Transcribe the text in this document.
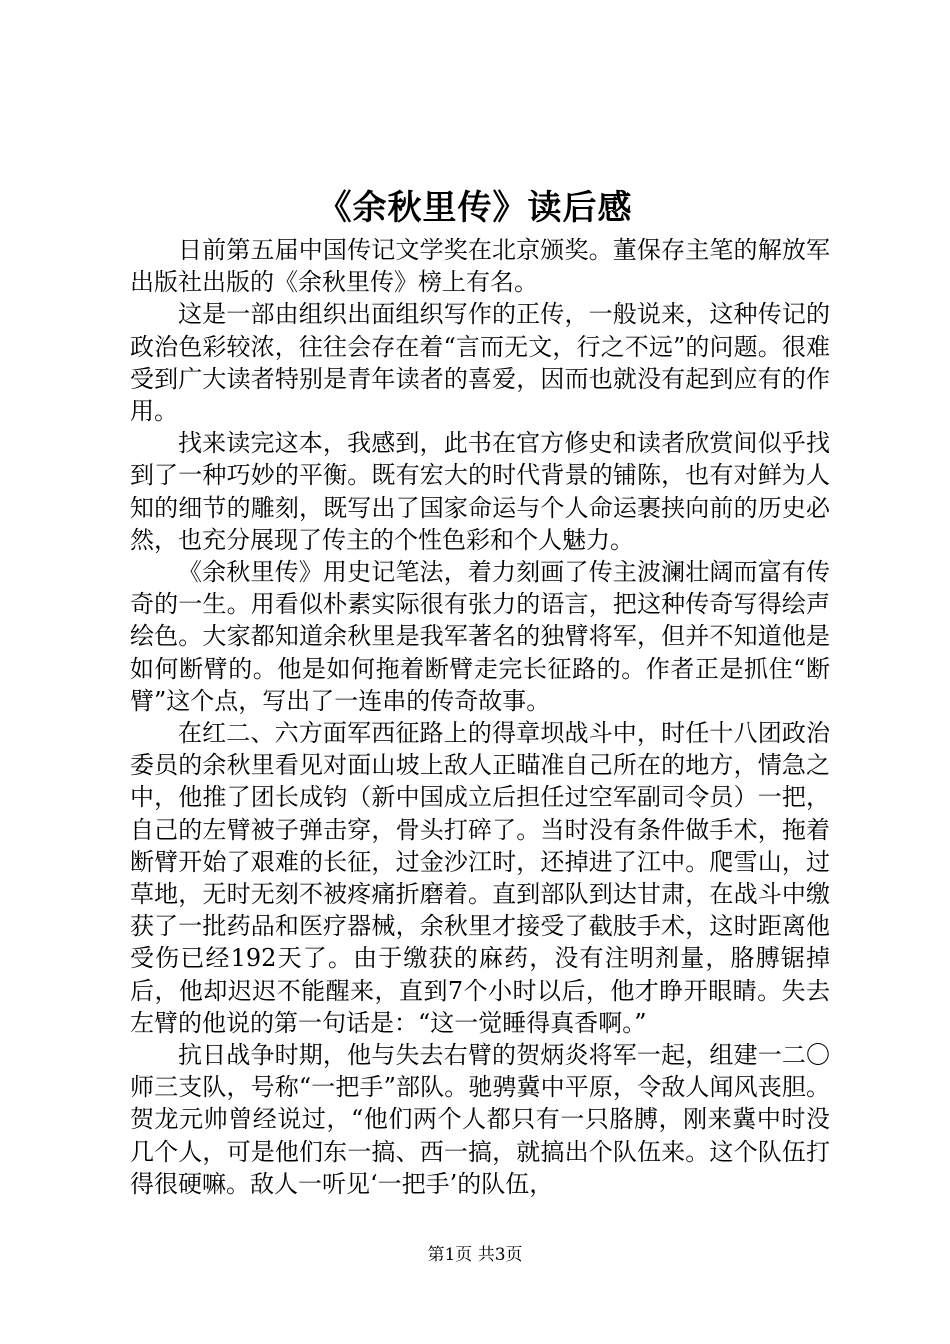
《余秋里传》读后感

日前第五届中国传记文学奖在北京颁奖。董保存主笔的解放军出版社出版的《余秋里传》榜上有名。

这是一部由组织出面组织写作的正传，一般说来，这种传记的政治色彩较浓，往往会存在着“言而无文，行之不远”的问题。很难受到广大读者特别是青年读者的喜爱，因而也就没有起到应有的作用。

找来读完这本，我感到，此书在官方修史和读者欣赏间似乎找到了一种巧妙的平衡。既有宏大的时代背景的铺陈，也有对鲜为人知的细节的雕刻，既写出了国家命运与个人命运裹挟向前的历史必然，也充分展现了传主的个性色彩和个人魅力。

《余秋里传》用史记笔法，着力刻画了传主波澜壮阔而富有传奇的一生。用看似朴素实际很有张力的语言，把这种传奇写得绘声绘色。大家都知道余秋里是我军著名的独臂将军，但并不知道他是如何断臂的。他是如何拖着断臂走完长征路的。作者正是抓住“断臂”这个点，写出了一连串的传奇故事。

在红二、六方面军西征路上的得章坝战斗中，时任十八团政治委员的余秋里看见对面山坡上敌人正瞄准自己所在的地方，情急之中，他推了团长成钧（新中国成立后担任过空军副司令员）一把，自己的左臂被子弹击穿，骨头打碎了。当时没有条件做手术，拖着断臂开始了艰难的长征，过金沙江时，还掉进了江中。爬雪山，过草地，无时无刻不被疼痛折磨着。直到部队到达甘肃，在战斗中缴获了一批药品和医疗器械，余秋里才接受了截肢手术，这时距离他受伤已经192天了。由于缴获的麻药，没有注明剂量，胳膊锯掉后，他却迟迟不能醒来，直到7个小时以后，他才睁开眼睛。失去左臂的他说的第一句话是：“这一觉睡得真香啊。”

抗日战争时期，他与失去右臂的贺炳炎将军一起，组建一二〇师三支队，号称“一把手”部队。驰骋冀中平原，令敌人闻风丧胆。贺龙元帅曾经说过，“他们两个人都只有一只胳膊，刚来冀中时没几个人，可是他们东一搞、西一搞，就搞出个队伍来。这个队伍打得很硬嘛。敌人一听见‘一把手’的队伍，

第1页 共3页
